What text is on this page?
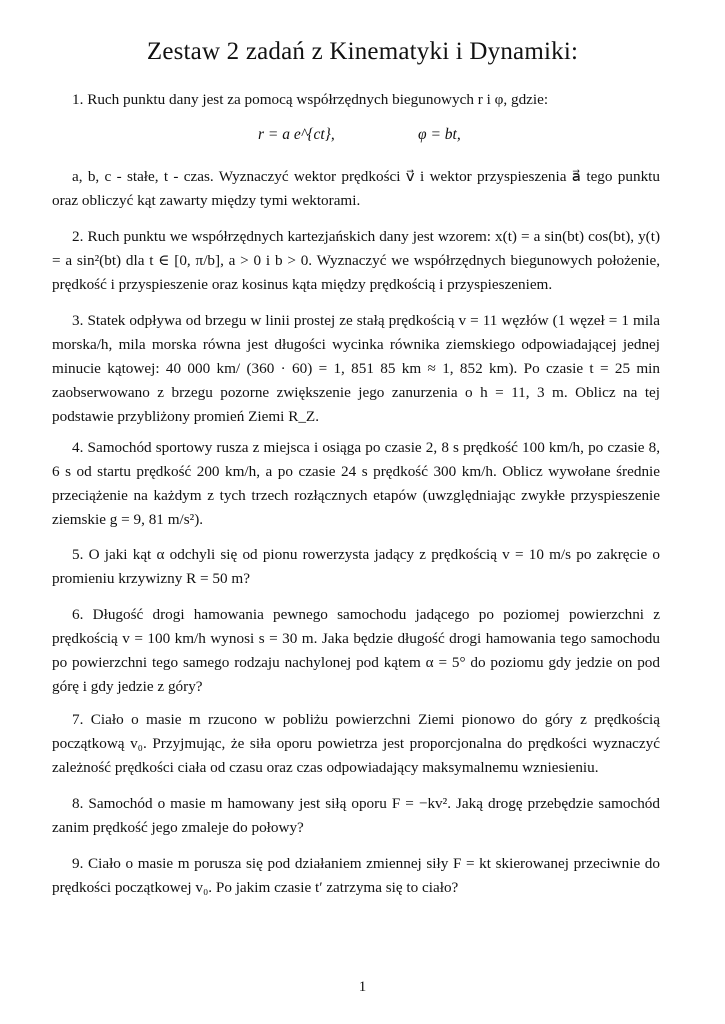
Zestaw 2 zadań z Kinematyki i Dynamiki:
1. Ruch punktu dany jest za pomocą współrzędnych biegunowych r i φ, gdzie:
r = a e^{ct},	φ = bt,
a, b, c - stałe, t - czas. Wyznaczyć wektor prędkości v⃗ i wektor przyspieszenia a⃗ tego punktu oraz obliczyć kąt zawarty między tymi wektorami.
2. Ruch punktu we współrzędnych kartezjańskich dany jest wzorem: x(t) = a sin(bt) cos(bt), y(t) = a sin²(bt) dla t ∈ [0, π/b], a > 0 i b > 0. Wyznaczyć we współrzędnych biegunowych położenie, prędkość i przyspieszenie oraz kosinus kąta między prędkością i przyspieszeniem.
3. Statek odpływa od brzegu w linii prostej ze stałą prędkością v = 11 węzłów (1 węzeł = 1 mila morska/h, mila morska równa jest długości wycinka równika ziemskiego odpowiadającej jednej minucie kątowej: 40 000 km/ (360 · 60) = 1, 851 85 km ≈ 1, 852 km). Po czasie t = 25 min zaobserwowano z brzegu pozorne zwiększenie jego zanurzenia o h = 11, 3 m. Oblicz na tej podstawie przybliżony promień Ziemi R_Z.
4. Samochód sportowy rusza z miejsca i osiąga po czasie 2, 8 s prędkość 100 km/h, po czasie 8, 6 s od startu prędkość 200 km/h, a po czasie 24 s prędkość 300 km/h. Oblicz wywołane średnie przeciążenie na każdym z tych trzech rozłącznych etapów (uwzględniając zwykłe przyspieszenie ziemskie g = 9, 81 m/s²).
5. O jaki kąt α odchyli się od pionu rowerzysta jadący z prędkością v = 10 m/s po zakręcie o promieniu krzywizny R = 50 m?
6. Długość drogi hamowania pewnego samochodu jadącego po poziomej powierzchni z prędkością v = 100 km/h wynosi s = 30 m. Jaka będzie długość drogi hamowania tego samochodu po powierzchni tego samego rodzaju nachylonej pod kątem α = 5° do poziomu gdy jedzie on pod górę i gdy jedzie z góry?
7. Ciało o masie m rzucono w pobliżu powierzchni Ziemi pionowo do góry z prędkością początkową v₀. Przyjmując, że siła oporu powietrza jest proporcjonalna do prędkości wyznaczyć zależność prędkości ciała od czasu oraz czas odpowiadający maksymalnemu wzniesieniu.
8. Samochód o masie m hamowany jest siłą oporu F = −kv². Jaką drogę przebędzie samochód zanim prędkość jego zmaleje do połowy?
9. Ciało o masie m porusza się pod działaniem zmiennej siły F = kt skierowanej przeciwnie do prędkości początkowej v₀. Po jakim czasie t′ zatrzyma się to ciało?
1
